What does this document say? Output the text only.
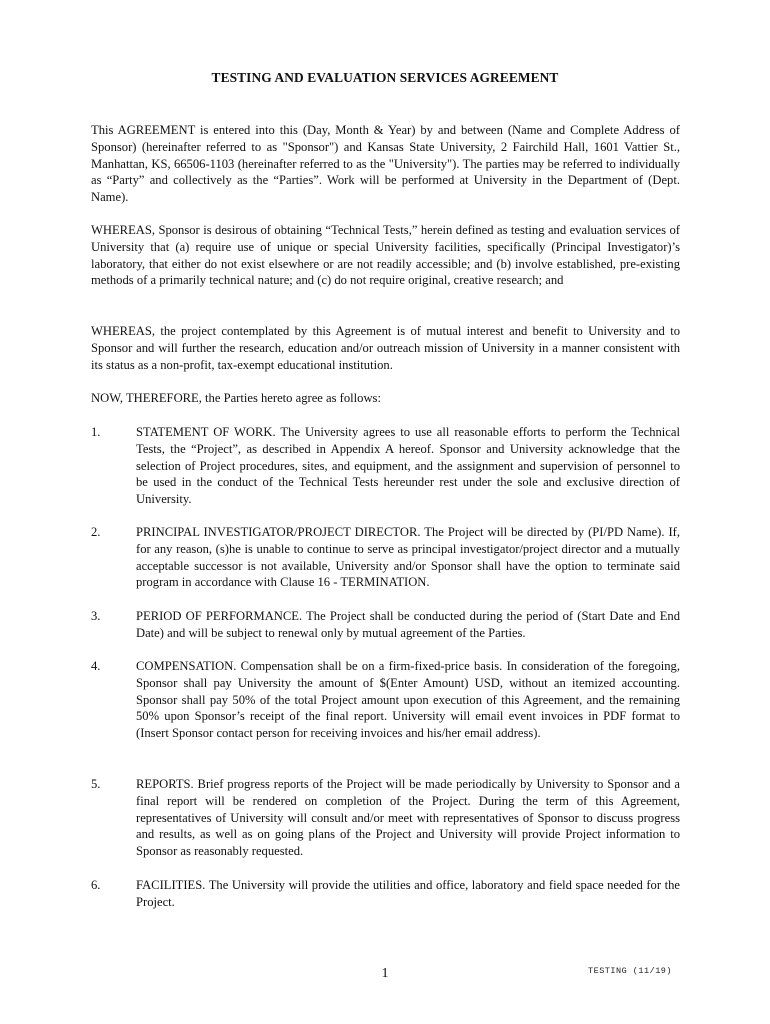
TESTING AND EVALUATION SERVICES AGREEMENT

This AGREEMENT is entered into this (Day, Month & Year) by and between (Name and Complete Address of Sponsor) (hereinafter referred to as "Sponsor") and Kansas State University, 2 Fairchild Hall, 1601 Vattier St., Manhattan, KS, 66506-1103 (hereinafter referred to as the "University"). The parties may be referred to individually as “Party” and collectively as the “Parties”. Work will be performed at University in the Department of (Dept. Name).

WHEREAS, Sponsor is desirous of obtaining “Technical Tests,” herein defined as testing and evaluation services of University that (a) require use of unique or special University facilities, specifically (Principal Investigator)’s laboratory, that either do not exist elsewhere or are not readily accessible; and (b) involve established, pre-existing methods of a primarily technical nature; and (c) do not require original, creative research; and

WHEREAS, the project contemplated by this Agreement is of mutual interest and benefit to University and to Sponsor and will further the research, education and/or outreach mission of University in a manner consistent with its status as a non-profit, tax-exempt educational institution.

NOW, THEREFORE, the Parties hereto agree as follows:

1.	STATEMENT OF WORK. The University agrees to use all reasonable efforts to perform the Technical Tests, the “Project”, as described in Appendix A hereof. Sponsor and University acknowledge that the selection of Project procedures, sites, and equipment, and the assignment and supervision of personnel to be used in the conduct of the Technical Tests hereunder rest under the sole and exclusive direction of University.
2.	PRINCIPAL INVESTIGATOR/PROJECT DIRECTOR. The Project will be directed by (PI/PD Name). If, for any reason, (s)he is unable to continue to serve as principal investigator/project director and a mutually acceptable successor is not available, University and/or Sponsor shall have the option to terminate said program in accordance with Clause 16 - TERMINATION.
3.	PERIOD OF PERFORMANCE. The Project shall be conducted during the period of (Start Date and End Date) and will be subject to renewal only by mutual agreement of the Parties.
4.	COMPENSATION. Compensation shall be on a firm-fixed-price basis. In consideration of the foregoing, Sponsor shall pay University the amount of $(Enter Amount) USD, without an itemized accounting. Sponsor shall pay 50% of the total Project amount upon execution of this Agreement, and the remaining 50% upon Sponsor’s receipt of the final report. University will email event invoices in PDF format to (Insert Sponsor contact person for receiving invoices and his/her email address).
5.	REPORTS. Brief progress reports of the Project will be made periodically by University to Sponsor and a final report will be rendered on completion of the Project. During the term of this Agreement, representatives of University will consult and/or meet with representatives of Sponsor to discuss progress and results, as well as on going plans of the Project and University will provide Project information to Sponsor as reasonably requested.
6.	FACILITIES. The University will provide the utilities and office, laboratory and field space needed for the Project.
1	TESTING (11/19)
